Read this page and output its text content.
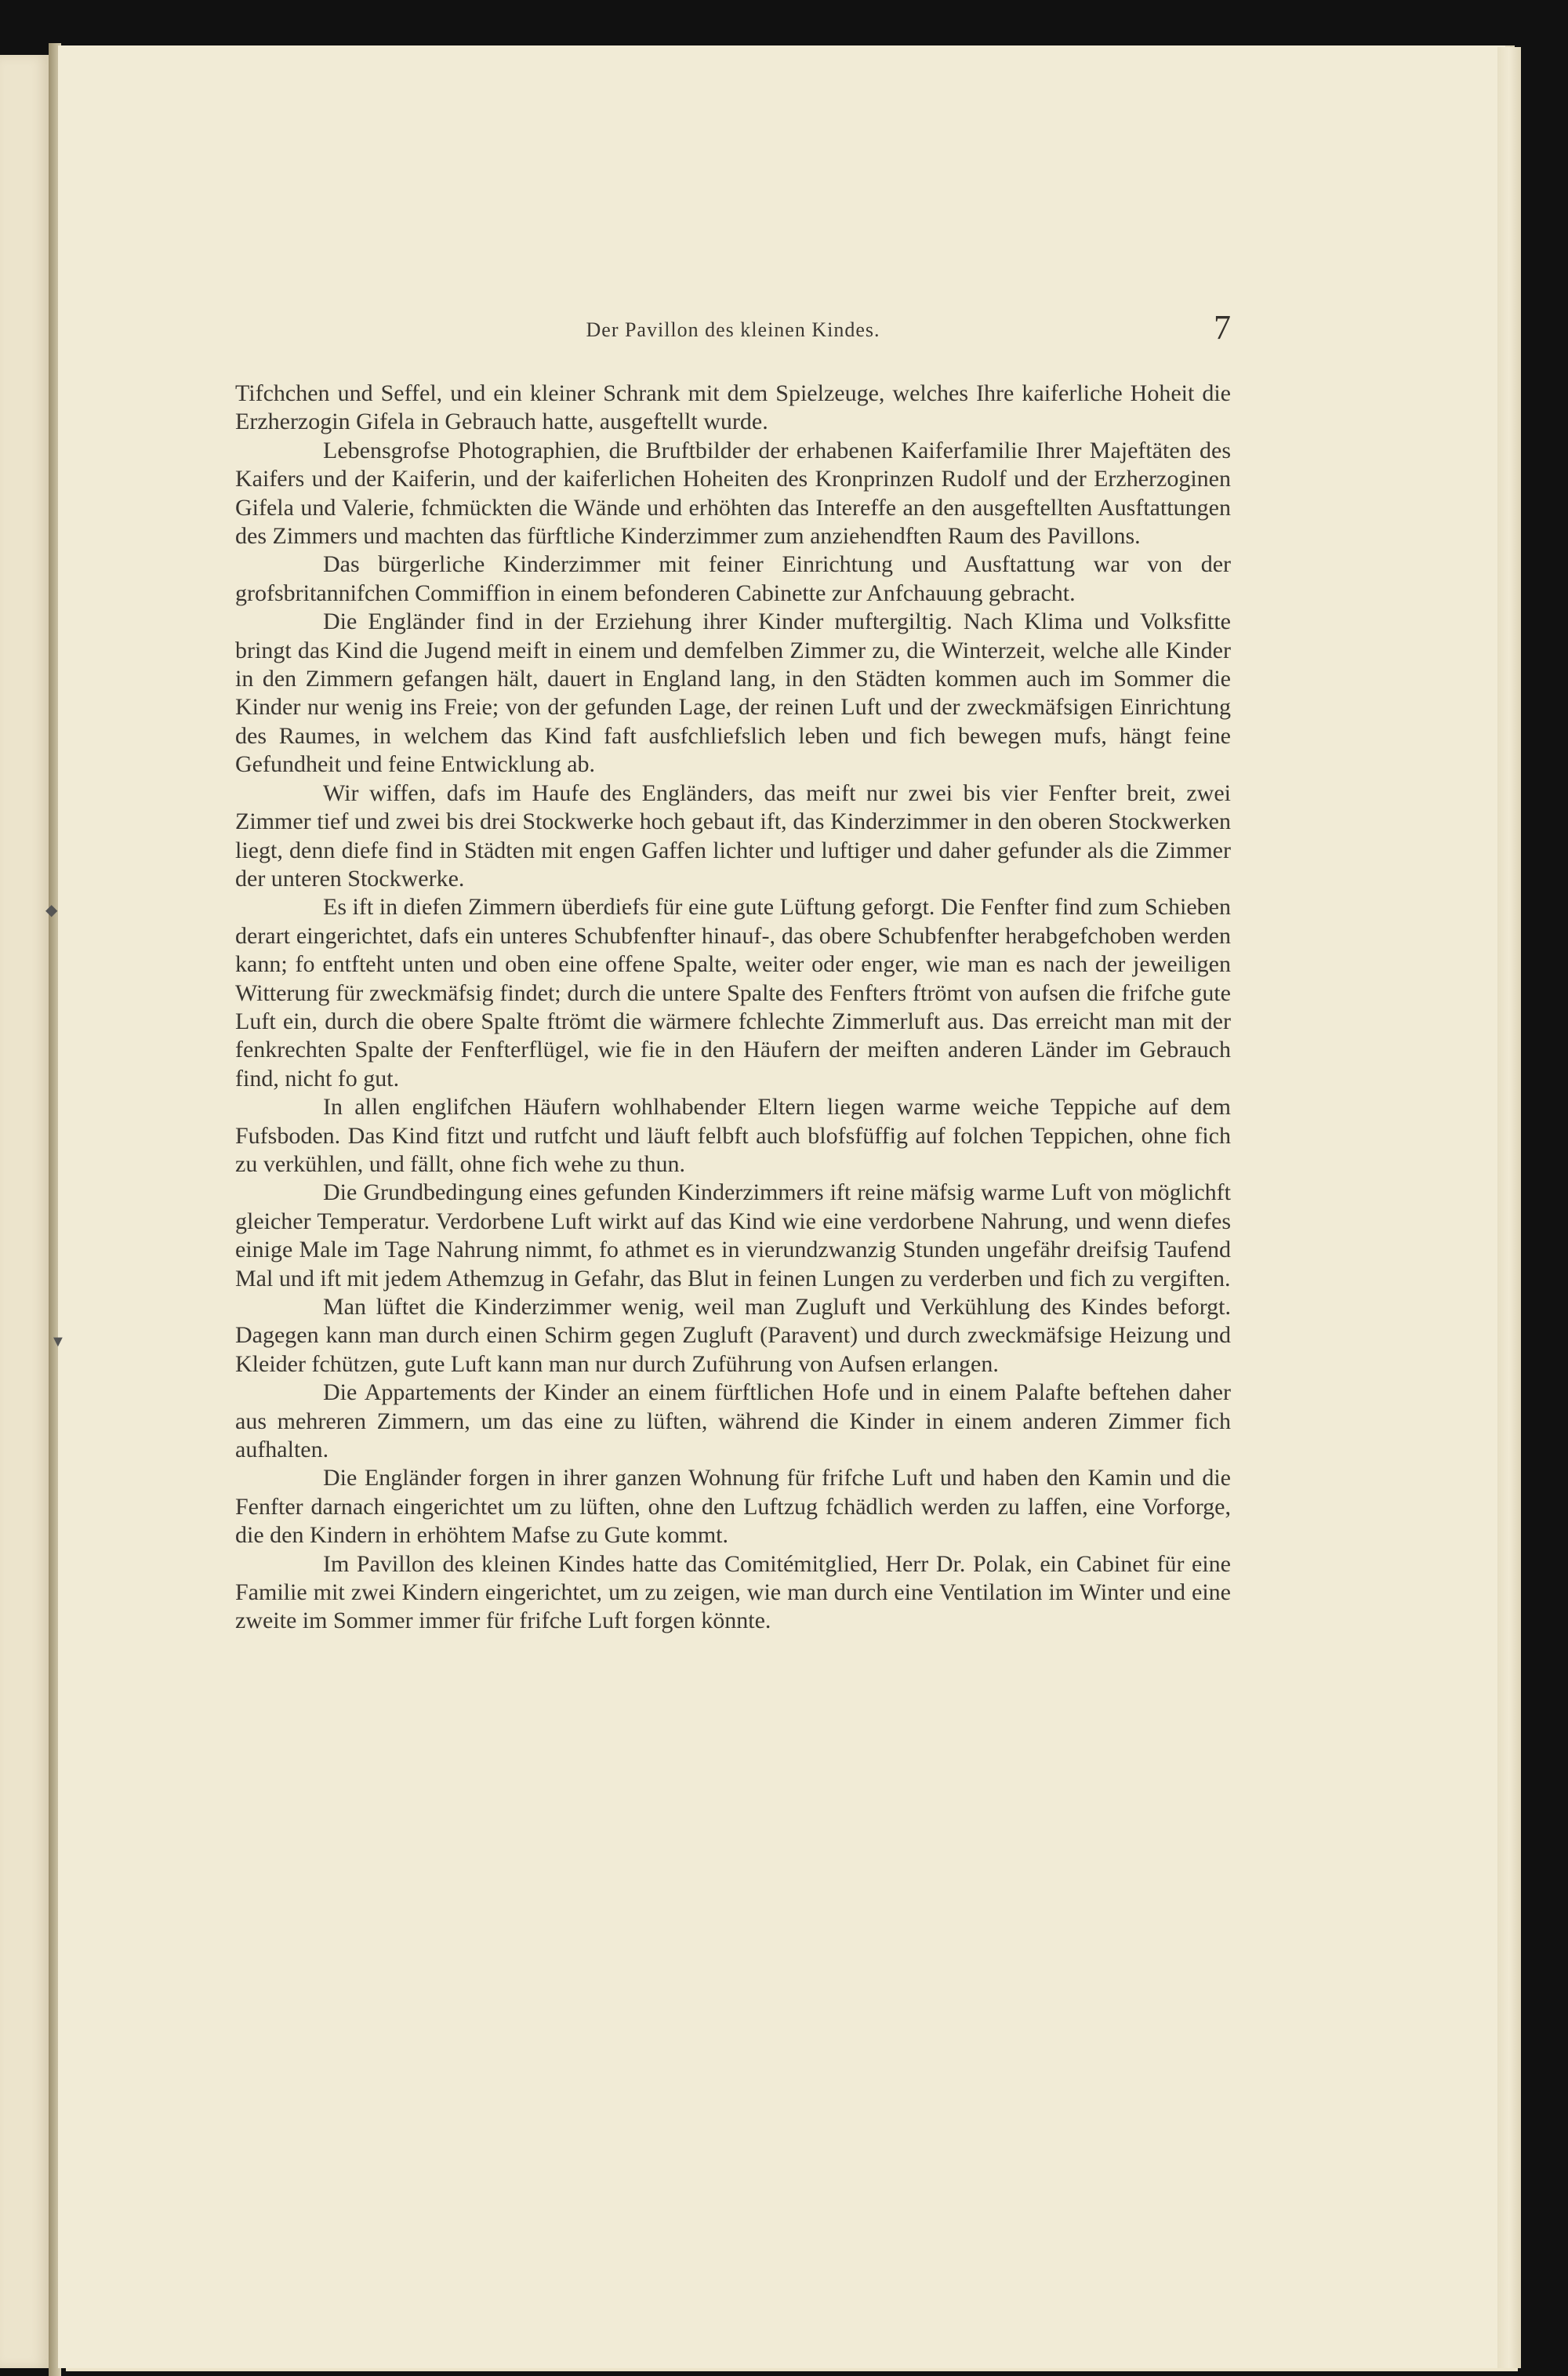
◆
▼
Der Pavillon des kleinen Kindes.	7

Tifchchen und Seffel, und ein kleiner Schrank mit dem Spielzeuge, welches Ihre kaiferliche Hoheit die Erzherzogin Gifela in Gebrauch hatte, ausgeftellt wurde.

Lebensgrofse Photographien, die Bruftbilder der erhabenen Kaiferfamilie Ihrer Majeftäten des Kaifers und der Kaiferin, und der kaiferlichen Hoheiten des Kronprinzen Rudolf und der Erzherzoginen Gifela und Valerie, fchmückten die Wände und erhöhten das Intereffe an den ausgeftellten Ausftattungen des Zimmers und machten das fürftliche Kinderzimmer zum anziehendften Raum des Pavillons.

Das bürgerliche Kinderzimmer mit feiner Einrichtung und Ausftattung war von der grofsbritannifchen Commiffion in einem befonderen Cabinette zur Anfchauung gebracht.

Die Engländer find in der Erziehung ihrer Kinder muftergiltig. Nach Klima und Volksfitte bringt das Kind die Jugend meift in einem und demfelben Zimmer zu, die Winterzeit, welche alle Kinder in den Zimmern gefangen hält, dauert in England lang, in den Städten kommen auch im Sommer die Kinder nur wenig ins Freie; von der gefunden Lage, der reinen Luft und der zweckmäfsigen Einrichtung des Raumes, in welchem das Kind faft ausfchliefslich leben und fich bewegen mufs, hängt feine Gefundheit und feine Entwicklung ab.

Wir wiffen, dafs im Haufe des Engländers, das meift nur zwei bis vier Fenfter breit, zwei Zimmer tief und zwei bis drei Stockwerke hoch gebaut ift, das Kinderzimmer in den oberen Stockwerken liegt, denn diefe find in Städten mit engen Gaffen lichter und luftiger und daher gefunder als die Zimmer der unteren Stockwerke.

Es ift in diefen Zimmern überdiefs für eine gute Lüftung geforgt. Die Fenfter find zum Schieben derart eingerichtet, dafs ein unteres Schubfenfter hinauf-, das obere Schubfenfter herabgefchoben werden kann; fo entfteht unten und oben eine offene Spalte, weiter oder enger, wie man es nach der jeweiligen Witterung für zweckmäfsig findet; durch die untere Spalte des Fenfters ftrömt von aufsen die frifche gute Luft ein, durch die obere Spalte ftrömt die wärmere fchlechte Zimmerluft aus. Das erreicht man mit der fenkrechten Spalte der Fenfterflügel, wie fie in den Häufern der meiften anderen Länder im Gebrauch find, nicht fo gut.

In allen englifchen Häufern wohlhabender Eltern liegen warme weiche Teppiche auf dem Fufsboden. Das Kind fitzt und rutfcht und läuft felbft auch blofsfüffig auf folchen Teppichen, ohne fich zu verkühlen, und fällt, ohne fich wehe zu thun.

Die Grundbedingung eines gefunden Kinderzimmers ift reine mäfsig warme Luft von möglichft gleicher Temperatur. Verdorbene Luft wirkt auf das Kind wie eine verdorbene Nahrung, und wenn diefes einige Male im Tage Nahrung nimmt, fo athmet es in vierundzwanzig Stunden ungefähr dreifsig Taufend Mal und ift mit jedem Athemzug in Gefahr, das Blut in feinen Lungen zu verderben und fich zu vergiften.

Man lüftet die Kinderzimmer wenig, weil man Zugluft und Verkühlung des Kindes beforgt. Dagegen kann man durch einen Schirm gegen Zugluft (Paravent) und durch zweckmäfsige Heizung und Kleider fchützen, gute Luft kann man nur durch Zuführung von Aufsen erlangen.

Die Appartements der Kinder an einem fürftlichen Hofe und in einem Palafte beftehen daher aus mehreren Zimmern, um das eine zu lüften, während die Kinder in einem anderen Zimmer fich aufhalten.

Die Engländer forgen in ihrer ganzen Wohnung für frifche Luft und haben den Kamin und die Fenfter darnach eingerichtet um zu lüften, ohne den Luftzug fchädlich werden zu laffen, eine Vorforge, die den Kindern in erhöhtem Mafse zu Gute kommt.

Im Pavillon des kleinen Kindes hatte das Comitémitglied, Herr Dr. Polak, ein Cabinet für eine Familie mit zwei Kindern eingerichtet, um zu zeigen, wie man durch eine Ventilation im Winter und eine zweite im Sommer immer für frifche Luft forgen könnte.
